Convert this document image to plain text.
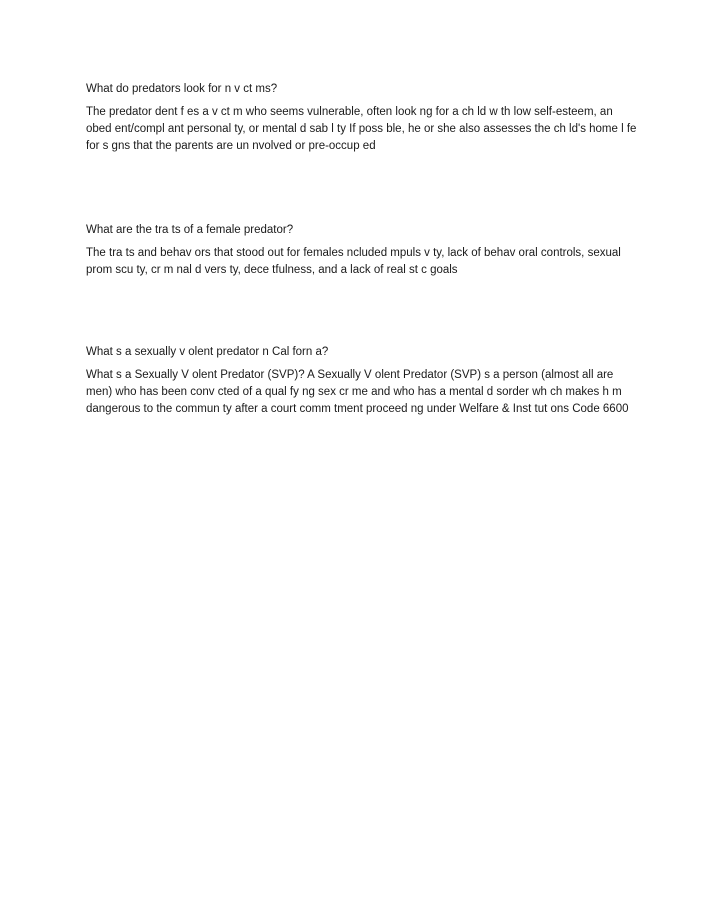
What do predators look for n v ct ms?

The predator dent f es a v ct m who seems vulnerable, often look ng for a ch ld w th low self-esteem, an obed ent/compl ant personal ty, or mental d sab l ty If poss ble, he or she also assesses the ch ld's home l fe for s gns that the parents are un nvolved or pre-occup ed

What are the tra ts of a female predator?

The tra ts and behav ors that stood out for females ncluded mpuls v ty, lack of behav oral controls, sexual prom scu ty, cr m nal d vers ty, dece tfulness, and a lack of real st c goals

What s a sexually v olent predator n Cal forn a?

What s a Sexually V olent Predator (SVP)? A Sexually V olent Predator (SVP) s a person (almost all are men) who has been conv cted of a qual fy ng sex cr me and who has a mental d sorder wh ch makes h m dangerous to the commun ty after a court comm tment proceed ng under Welfare & Inst tut ons Code 6600
